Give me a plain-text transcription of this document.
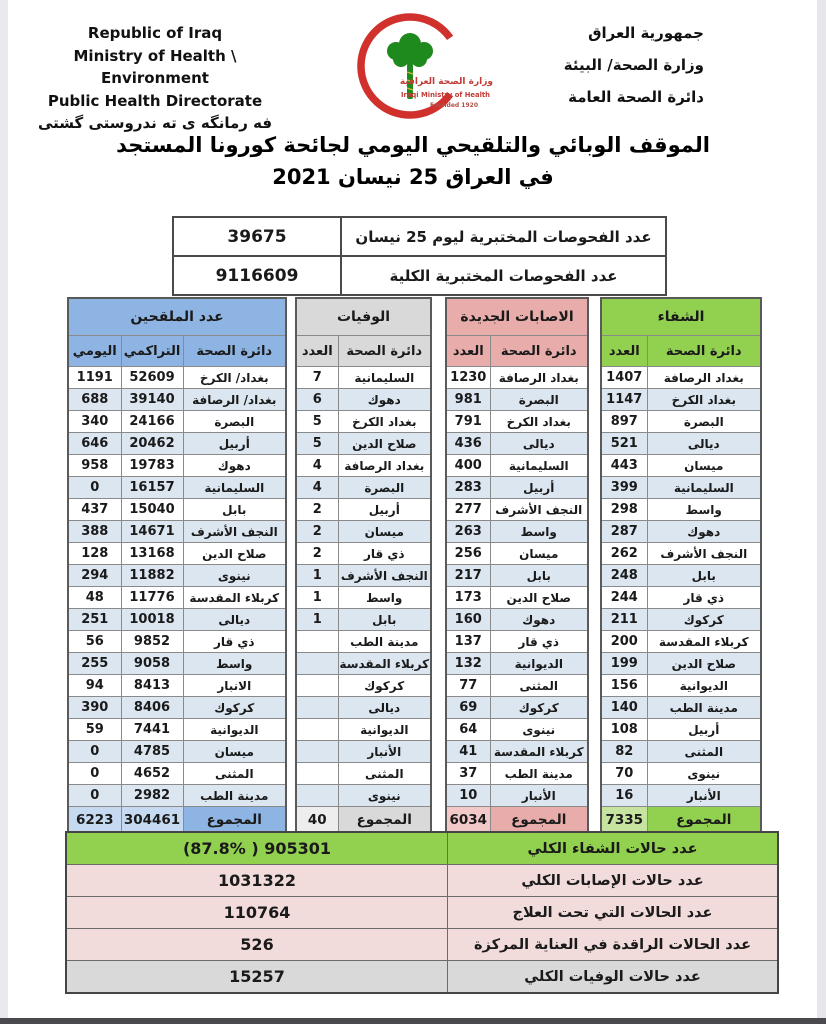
Republic of Iraq
Ministry of Health \ Environment
Public Health Directorate
فه رمانگه ى ته ندروستى گشتى
وزارة الصحة العراقية
Iraqi Ministry of Health
Founded 1920
جمهورية العراق
وزارة الصحة/ البيئة
دائرة الصحة العامة
الموقف الوبائي والتلقيحي اليومي لجائحة كورونا المستجد
في العراق 25 نيسان 2021
عدد الفحوصات المختبرية ليوم 25 نيسان	39675
عدد الفحوصات المختبرية الكلية	9116609
عدد الملقحين		
دائرة الصحة	التراكمي	اليومي
بغداد/ الكرخ	52609	1191
بغداد/ الرصافة	39140	688
البصرة	24166	340
أربيل	20462	646
دهوك	19783	958
السليمانية	16157	0
بابل	15040	437
النجف الأشرف	14671	388
صلاح الدين	13168	128
نينوى	11882	294
كربلاء المقدسة	11776	48
ديالى	10018	251
ذي قار	9852	56
واسط	9058	255
الانبار	8413	94
كركوك	8406	390
الديوانية	7441	59
ميسان	4785	0
المثنى	4652	0
مدينة الطب	2982	0
المجموع	304461	6223
الوفيات	
دائرة الصحة	العدد
السليمانية	7
دهوك	6
بغداد الكرخ	5
صلاح الدين	5
بغداد الرصافة	4
البصرة	4
أربيل	2
ميسان	2
ذي قار	2
النجف الأشرف	1
واسط	1
بابل	1
مدينة الطب	
كربلاء المقدسة	
كركوك	
ديالى	
الديوانية	
الأنبار	
المثنى	
نينوى	
المجموع	40
الاصابات الجديدة	
دائرة الصحة	العدد
بغداد الرصافة	1230
البصرة	981
بغداد الكرخ	791
ديالى	436
السليمانية	400
أربيل	283
النجف الأشرف	277
واسط	263
ميسان	256
بابل	217
صلاح الدين	173
دهوك	160
ذي قار	137
الديوانية	132
المثنى	77
كركوك	69
نينوى	64
كربلاء المقدسة	41
مدينة الطب	37
الأنبار	10
المجموع	6034
الشفاء	
دائرة الصحة	العدد
بغداد الرصافة	1407
بغداد الكرخ	1147
البصرة	897
ديالى	521
ميسان	443
السليمانية	399
واسط	298
دهوك	287
النجف الأشرف	262
بابل	248
ذي قار	244
كركوك	211
كربلاء المقدسة	200
صلاح الدين	199
الديوانية	156
مدينة الطب	140
أربيل	108
المثنى	82
نينوى	70
الأنبار	16
المجموع	7335
عدد حالات الشفاء الكلي	(87.8% ) 905301
عدد حالات الإصابات الكلي	1031322
عدد الحالات التي تحت العلاج	110764
عدد الحالات الراقدة في العناية المركزة	526
عدد حالات الوفيات الكلي	15257
